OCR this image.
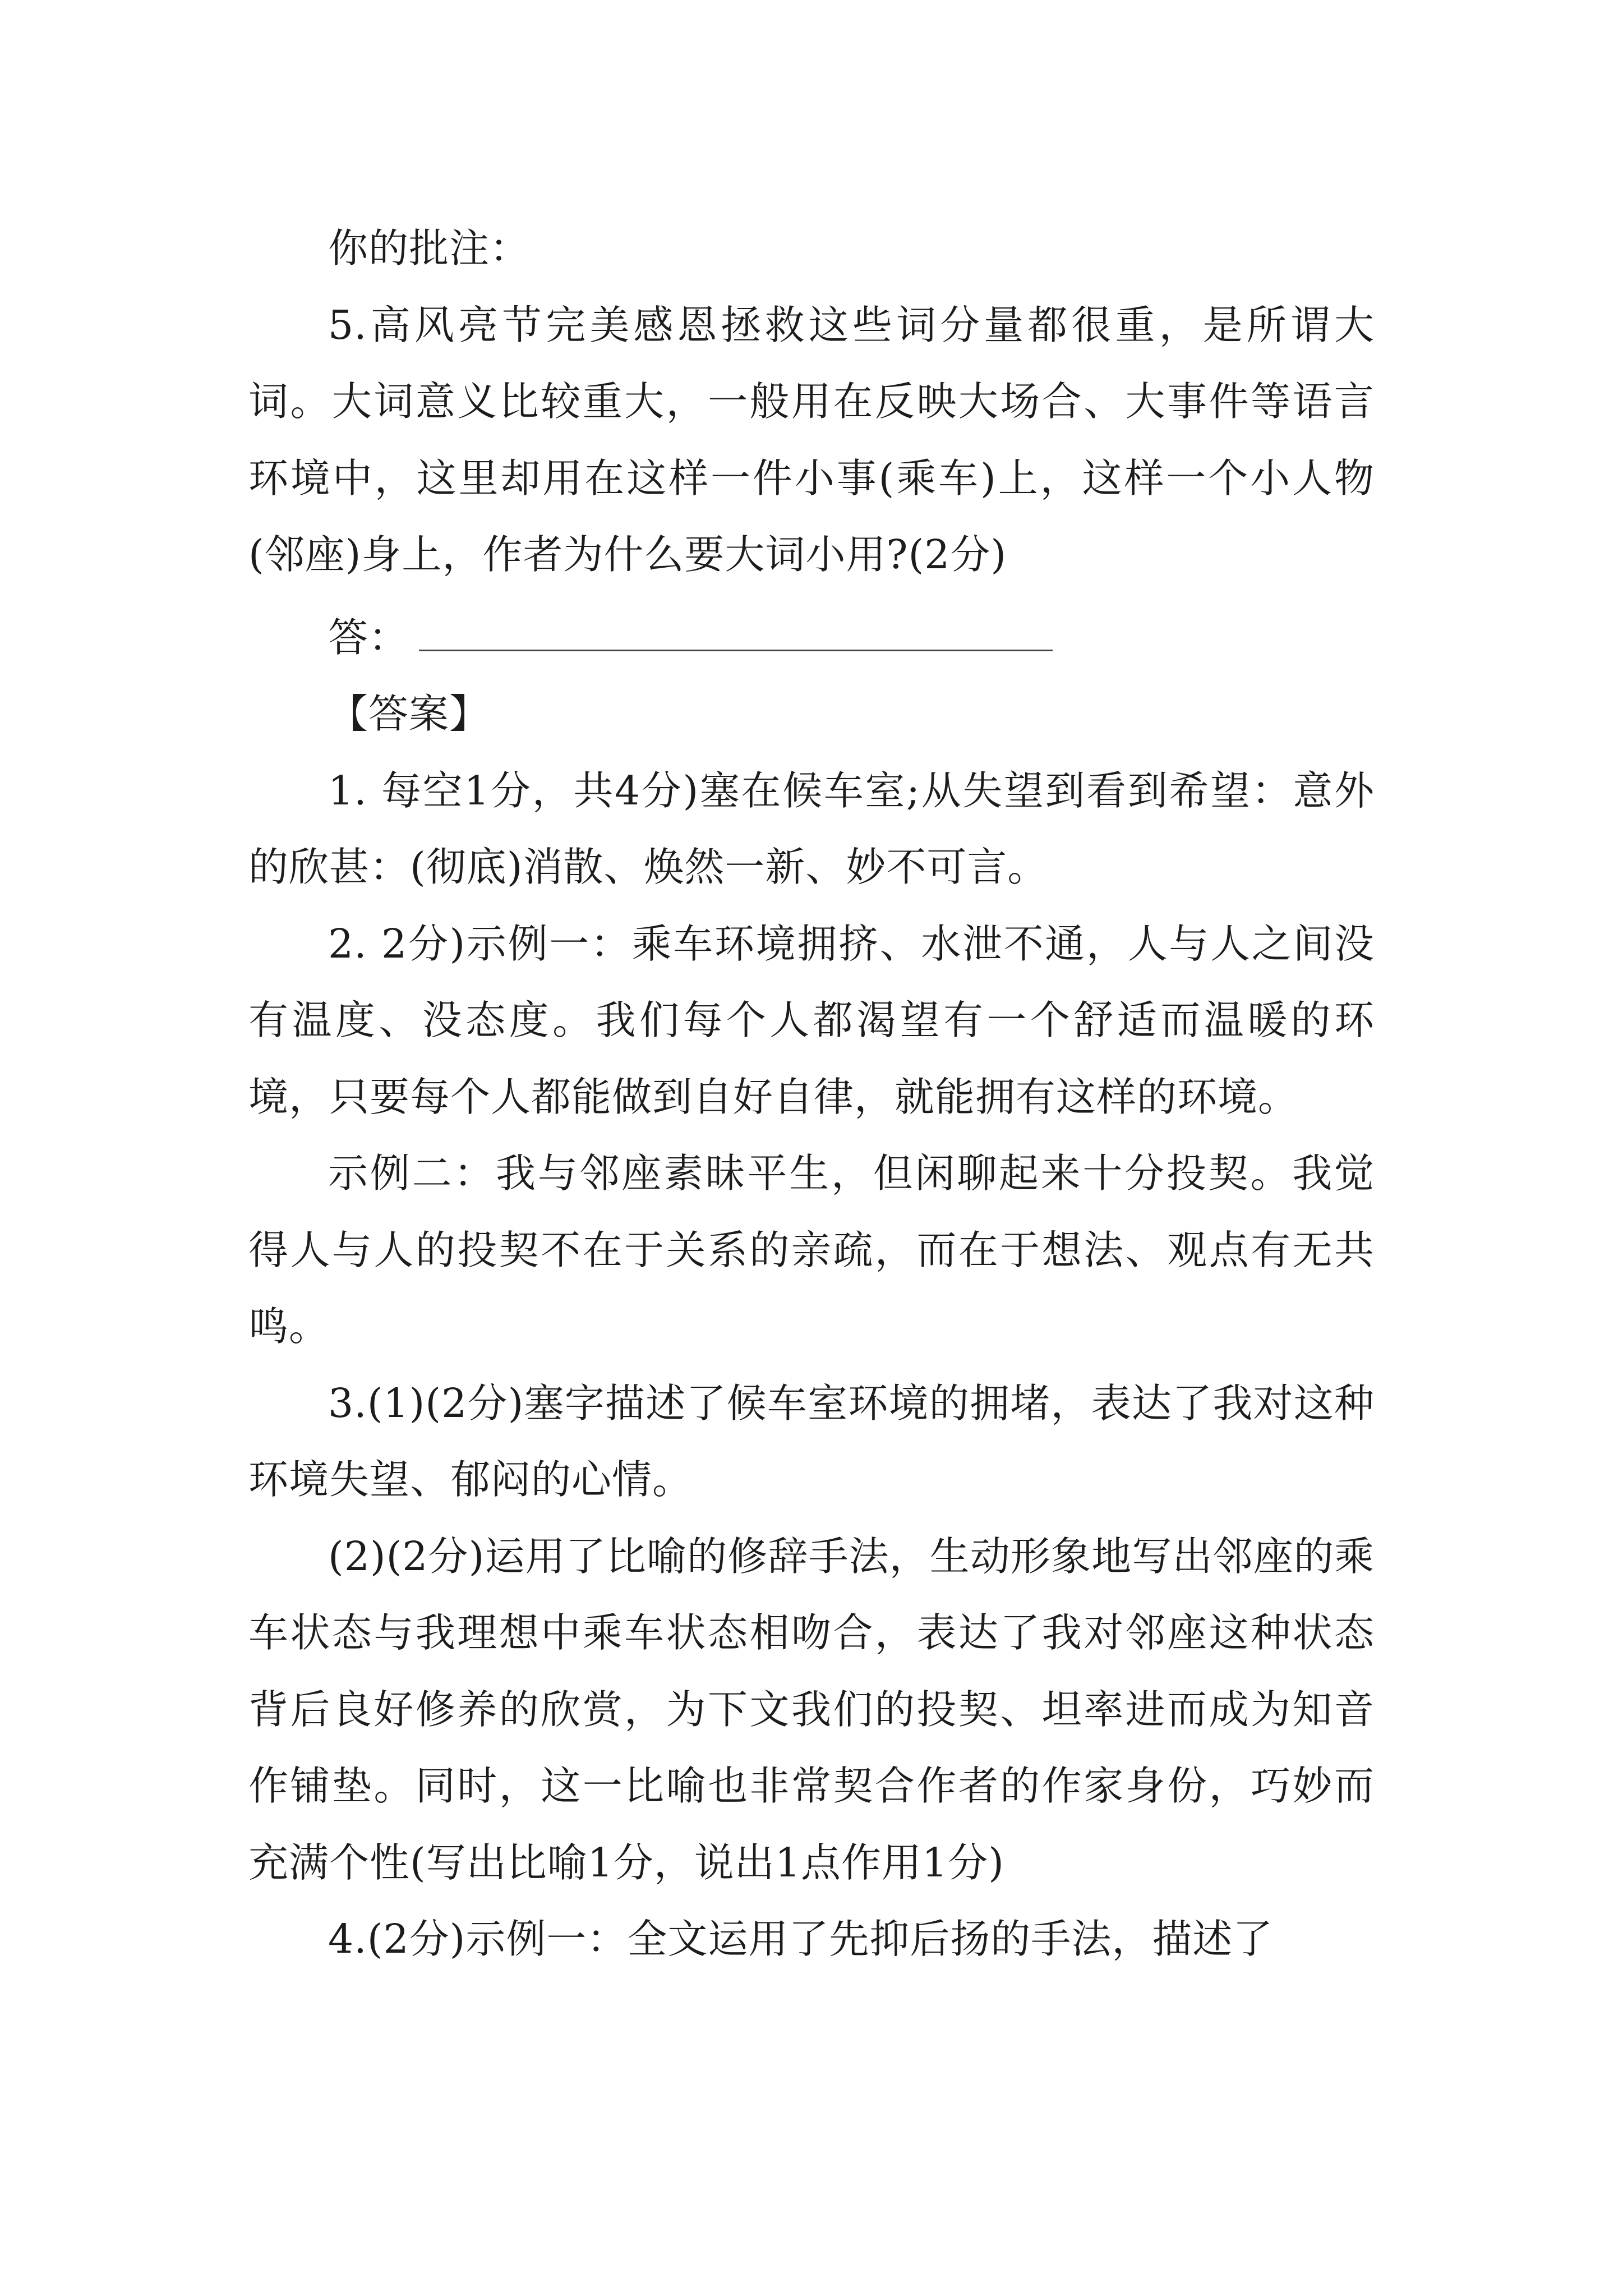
你的批注：

5.高风亮节完美感恩拯救这些词分量都很重，是所谓大词。大词意义比较重大，一般用在反映大场合、大事件等语言环境中，这里却用在这样一件小事(乘车)上，这样一个小人物(邻座)身上，作者为什么要大词小用?(2分)

答：

【答案】

1. 每空1分，共4分)塞在候车室;从失望到看到希望：意外的欣甚：(彻底)消散、焕然一新、妙不可言。

2. 2分)示例一：乘车环境拥挤、水泄不通，人与人之间没有温度、没态度。我们每个人都渴望有一个舒适而温暖的环境，只要每个人都能做到自好自律，就能拥有这样的环境。

示例二：我与邻座素昧平生，但闲聊起来十分投契。我觉得人与人的投契不在于关系的亲疏，而在于想法、观点有无共鸣。

3.(1)(2分)塞字描述了候车室环境的拥堵，表达了我对这种环境失望、郁闷的心情。

(2)(2分)运用了比喻的修辞手法，生动形象地写出邻座的乘车状态与我理想中乘车状态相吻合，表达了我对邻座这种状态背后良好修养的欣赏，为下文我们的投契、坦率进而成为知音作铺垫。同时，这一比喻也非常契合作者的作家身份，巧妙而充满个性(写出比喻1分，说出1点作用1分)

4.(2分)示例一：全文运用了先抑后扬的手法，描述了
